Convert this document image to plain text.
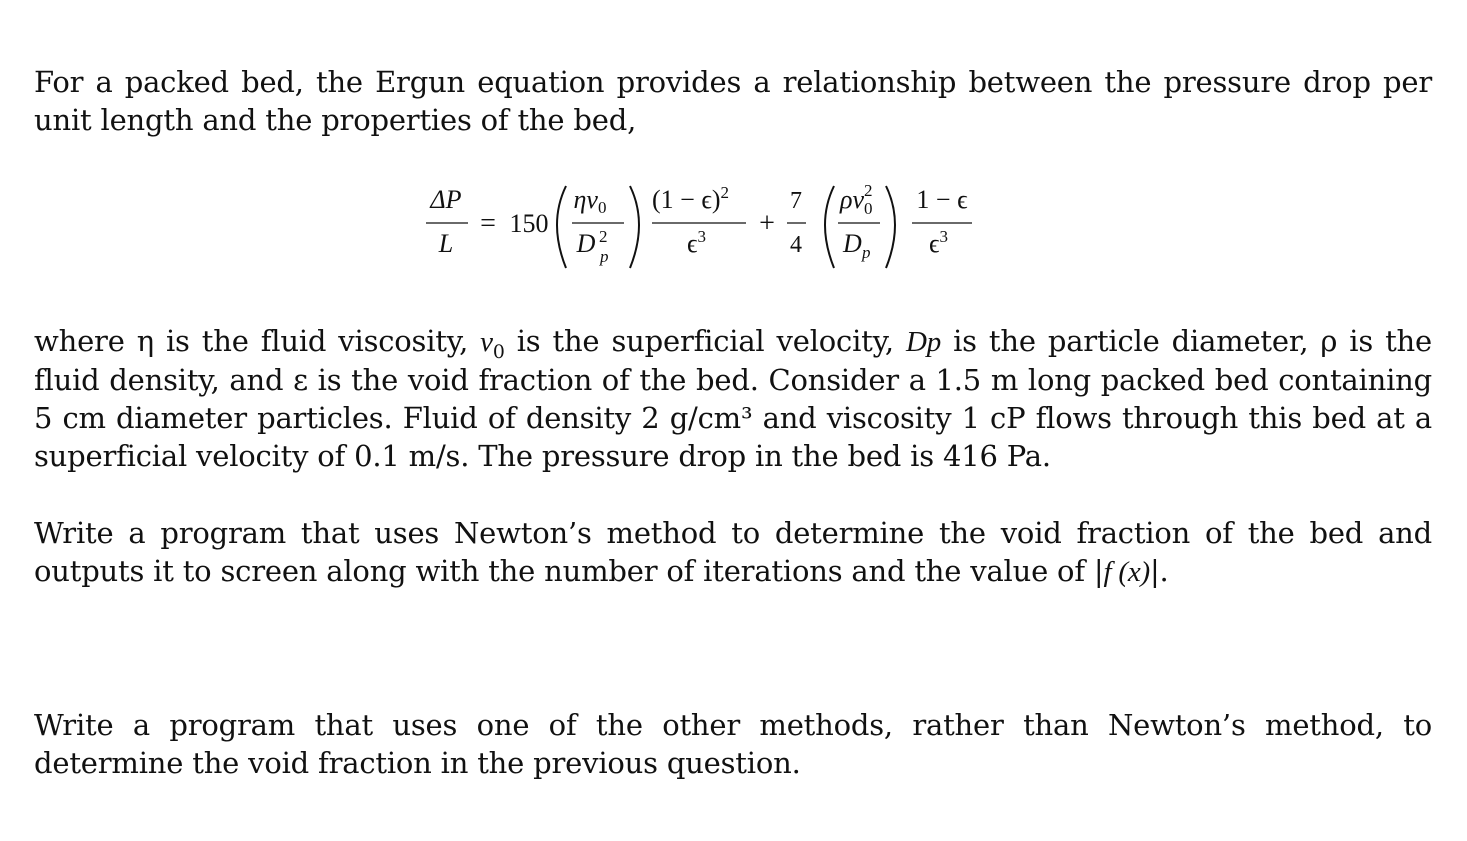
For a packed bed, the Ergun equation provides a relationship between the pressure drop per unit length and the properties of the bed,

ΔP
L
= 150
ηv0
D 2
p
$(1 - \epsilon)^2$
$\epsilon^3$ +
7
4
ρv 2
0
D p
1 − ϵ
$\epsilon^3$

where η is the fluid viscosity, $v_0$ is the superficial velocity, Dp is the particle diameter, ρ is the fluid density, and ε is the void fraction of the bed. Consider a 1.5 m long packed bed containing 5 cm diameter particles. Fluid of density 2 g/cm³ and viscosity 1 cP flows through this bed at a superficial velocity of 0.1 m/s. The pressure drop in the bed is 416 Pa.

Write a program that uses Newton’s method to determine the void fraction of the bed and outputs it to screen along with the number of iterations and the value of |f (x)|.

Write a program that uses one of the other methods, rather than Newton’s method, to determine the void fraction in the previous question.
